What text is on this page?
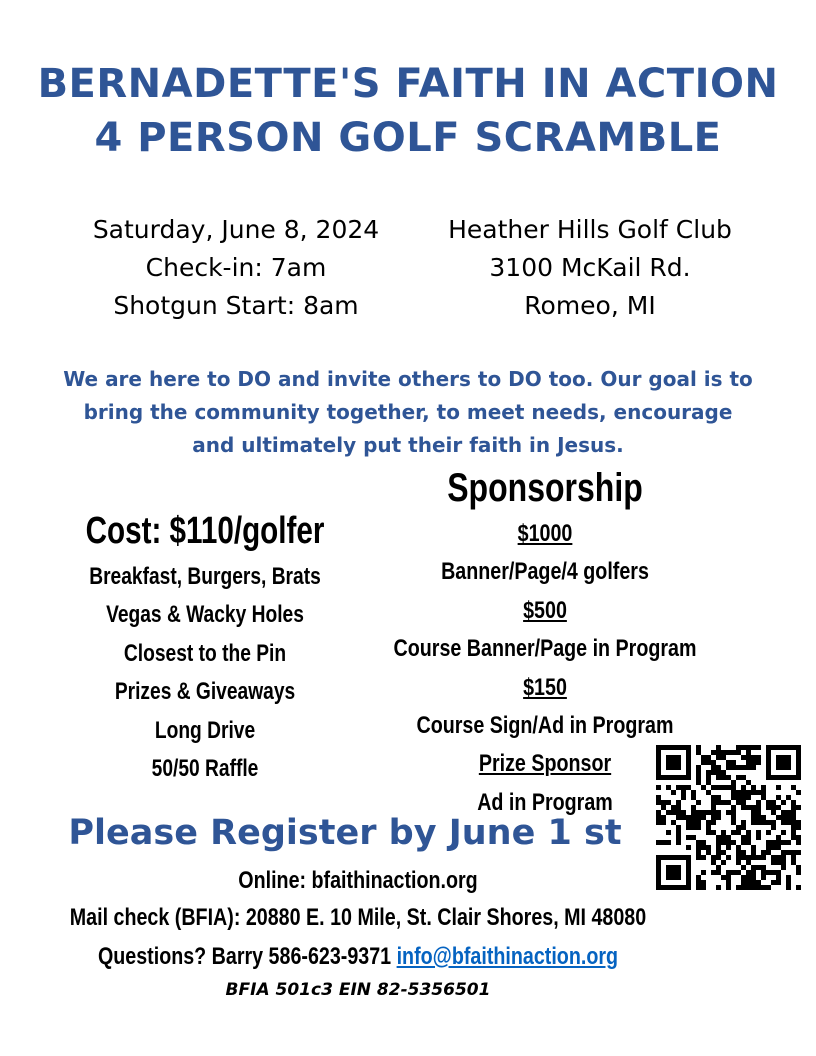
BERNADETTE'S FAITH IN ACTION
4 PERSON GOLF SCRAMBLE
Saturday, June 8, 2024
Check-in: 7am
Shotgun Start: 8am
Heather Hills Golf Club
3100 McKail Rd.
Romeo, MI
We are here to DO and invite others to DO too. Our goal is to
bring the community together, to meet needs, encourage
and ultimately put their faith in Jesus.
Sponsorship
Cost: $110/golfer
Breakfast, Burgers, Brats
Vegas & Wacky Holes
Closest to the Pin
Prizes & Giveaways
Long Drive
50/50 Raffle
$1000
Banner/Page/4 golfers
$500
Course Banner/Page in Program
$150
Course Sign/Ad in Program
Prize Sponsor
Ad in Program
Please Register by June 1 st
Online: bfaithinaction.org
Mail check (BFIA): 20880 E. 10 Mile, St. Clair Shores, MI 48080
Questions? Barry 586-623-9371 info@bfaithinaction.org
BFIA 501c3 EIN 82-5356501
